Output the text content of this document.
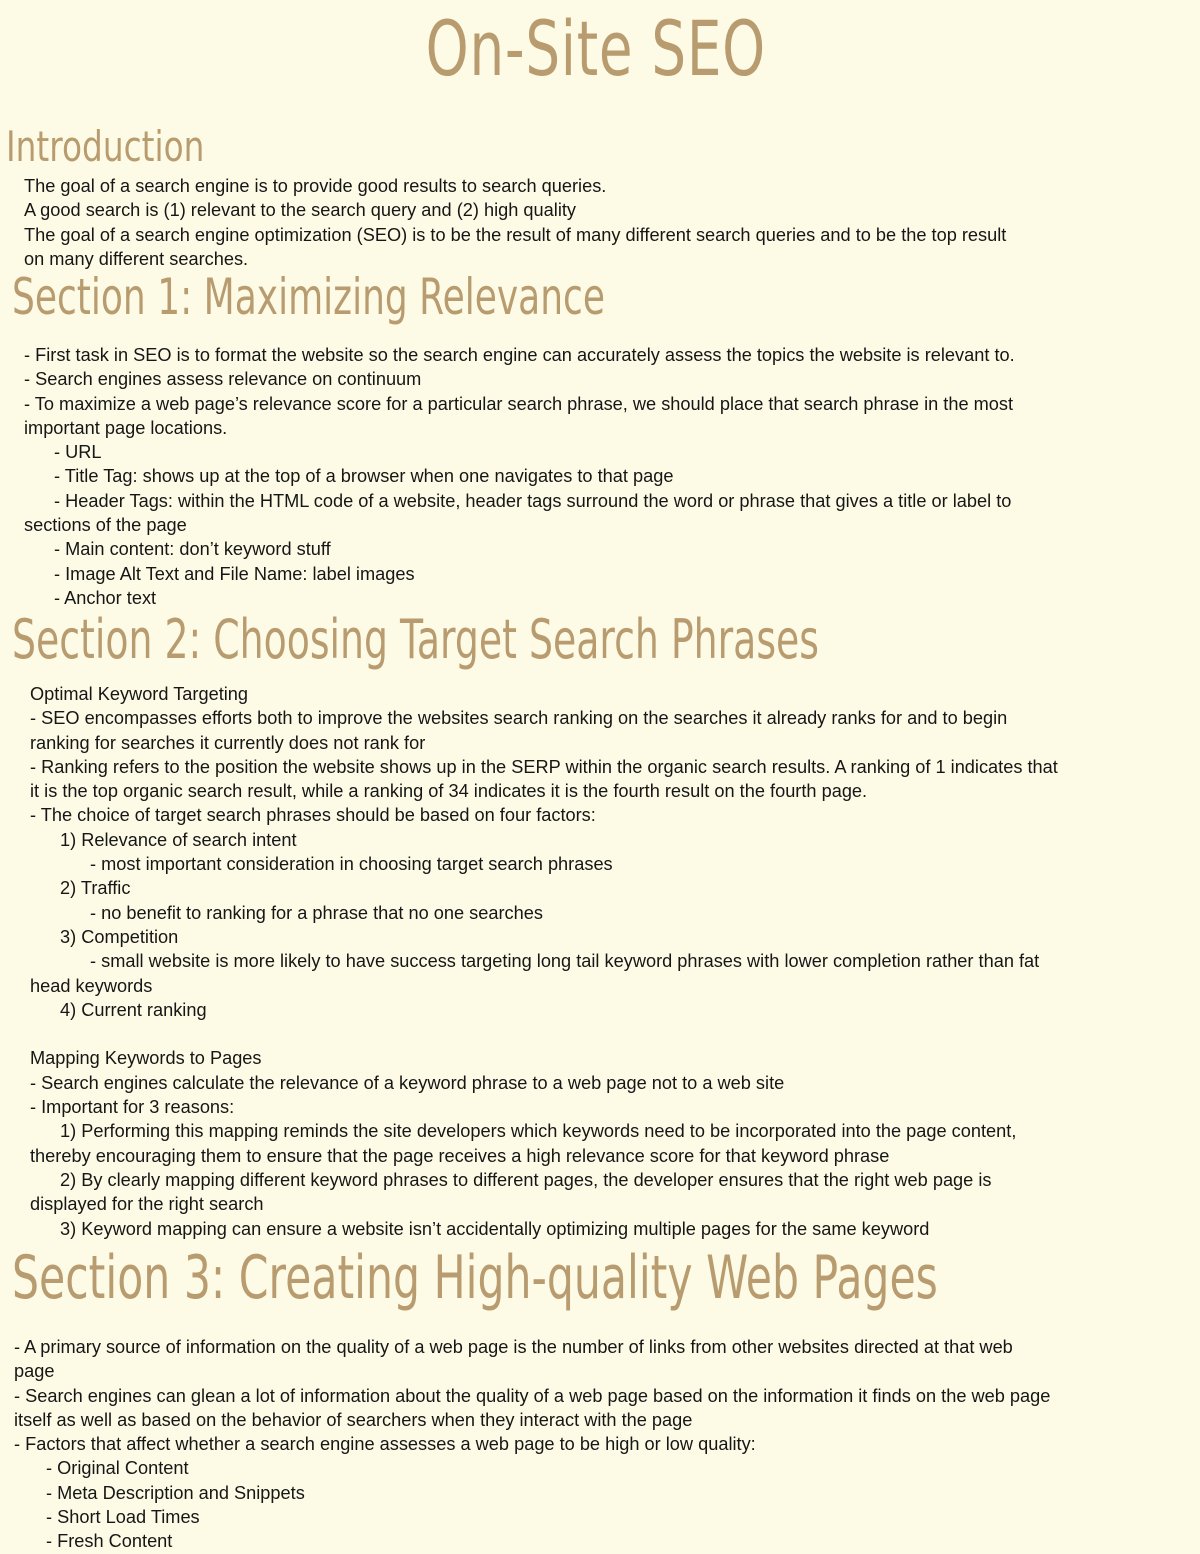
On-Site SEO
Introduction
The goal of a search engine is to provide good results to search queries.
A good search is (1) relevant to the search query and (2) high quality
The goal of a search engine optimization (SEO) is to be the result of many different search queries and to be the top result
on many different searches.
Section 1: Maximizing Relevance
- First task in SEO is to format the website so the search engine can accurately assess the topics the website is relevant to.
- Search engines assess relevance on continuum
- To maximize a web page’s relevance score for a particular search phrase, we should place that search phrase in the most
important page locations.
- URL
- Title Tag: shows up at the top of a browser when one navigates to that page
- Header Tags: within the HTML code of a website, header tags surround the word or phrase that gives a title or label to
sections of the page
- Main content: don’t keyword stuff
- Image Alt Text and File Name: label images
- Anchor text
Section 2: Choosing Target Search Phrases
Optimal Keyword Targeting
- SEO encompasses efforts both to improve the websites search ranking on the searches it already ranks for and to begin
ranking for searches it currently does not rank for
- Ranking refers to the position the website shows up in the SERP within the organic search results. A ranking of 1 indicates that
it is the top organic search result, while a ranking of 34 indicates it is the fourth result on the fourth page.
- The choice of target search phrases should be based on four factors:
1) Relevance of search intent
- most important consideration in choosing target search phrases
2) Traffic
- no benefit to ranking for a phrase that no one searches
3) Competition
- small website is more likely to have success targeting long tail keyword phrases with lower completion rather than fat
head keywords
4) Current ranking
Mapping Keywords to Pages
- Search engines calculate the relevance of a keyword phrase to a web page not to a web site
- Important for 3 reasons:
1) Performing this mapping reminds the site developers which keywords need to be incorporated into the page content,
thereby encouraging them to ensure that the page receives a high relevance score for that keyword phrase
2) By clearly mapping different keyword phrases to different pages, the developer ensures that the right web page is
displayed for the right search
3) Keyword mapping can ensure a website isn’t accidentally optimizing multiple pages for the same keyword
Section 3: Creating High-quality Web Pages
- A primary source of information on the quality of a web page is the number of links from other websites directed at that web
page
- Search engines can glean a lot of information about the quality of a web page based on the information it finds on the web page
itself as well as based on the behavior of searchers when they interact with the page
- Factors that affect whether a search engine assesses a web page to be high or low quality:
- Original Content
- Meta Description and Snippets
- Short Load Times
- Fresh Content
